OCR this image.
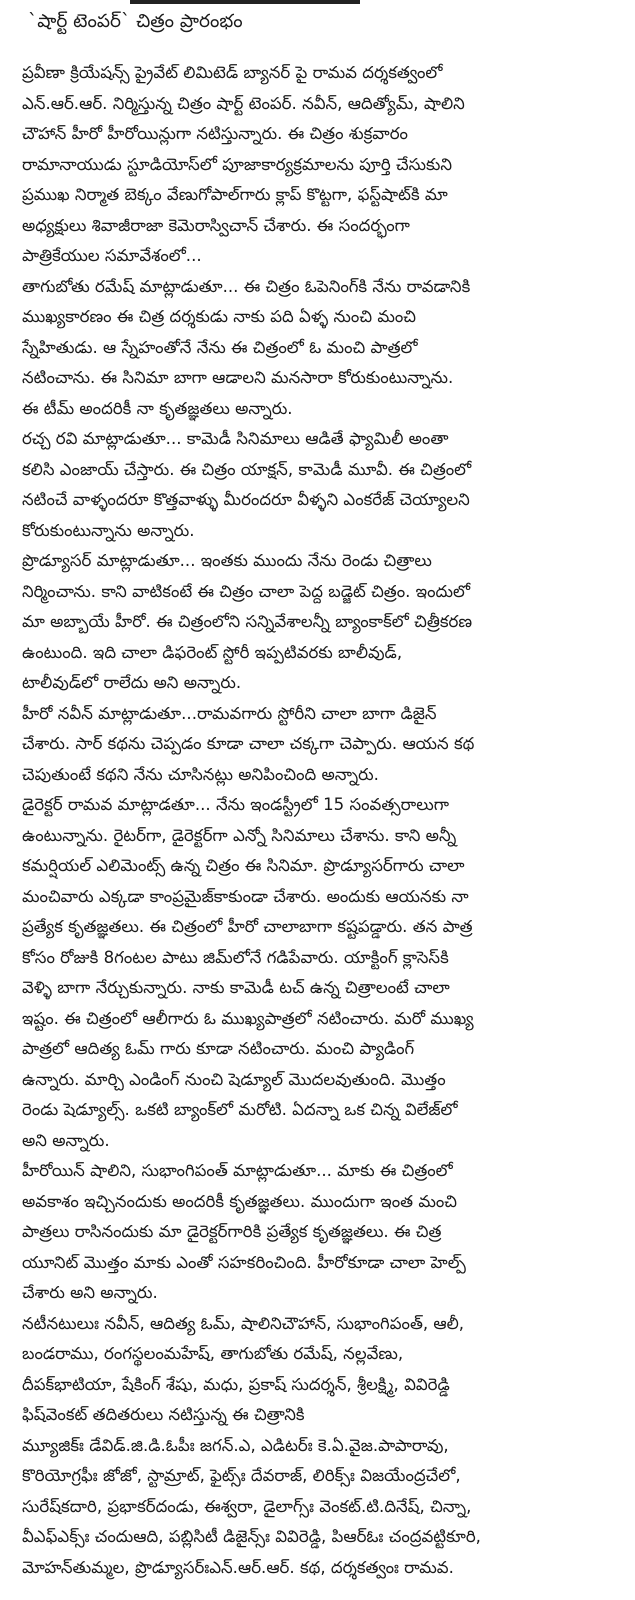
`షార్ట్ టెంపర్` చిత్రం ప్రారంభం
ప్రవీణా క్రియేషన్స్ ప్రైవేట్ లిమిటెడ్ బ్యానర్ పై రామవ దర్శకత్వంలో
ఎన్.ఆర్.ఆర్. నిర్మిస్తున్న చిత్రం షార్ట్ టెంపర్. నవీన్, ఆదిత్యోమ్, షాలిని
చౌహాన్ హీరో హీరోయిన్లుగా నటిస్తున్నారు. ఈ చిత్రం శుక్రవారం
రామానాయుడు స్టూడియోస్‌లో పూజాకార్యక్రమాలను పూర్తి చేసుకుని
ప్రముఖ నిర్మాత బెక్కం వేణుగోపాల్‌గారు క్లాప్ కొట్టగా, ఫస్ట్‌షాట్‌కి మా
అధ్యక్షులు శివాజీరాజా కెమెరాస్విచాన్ చేశారు. ఈ సందర్భంగా
పాత్రికేయుల సమావేశంలో...
తాగుబోతు రమేష్ మాట్లాడుతూ... ఈ చిత్రం ఓపెనింగ్‌కి నేను రావడానికి
ముఖ్యకారణం ఈ చిత్ర దర్శకుడు నాకు పది ఏళ్ళ నుంచి మంచి
స్నేహితుడు. ఆ స్నేహంతోనే నేను ఈ చిత్రంలో ఓ మంచి పాత్రలో
నటించాను. ఈ సినిమా బాగా ఆడాలని మనసారా కోరుకుంటున్నాను.
ఈ టీమ్ అందరికీ నా కృతజ్ఞతలు అన్నారు.
రచ్చ రవి మాట్లాడుతూ... కామెడీ సినిమాలు ఆడితే ఫ్యామిలీ అంతా
కలిసి ఎంజాయ్ చేస్తారు. ఈ చిత్రం యాక్షన్, కామెడీ మూవీ. ఈ చిత్రంలో
నటించే వాళ్ళందరూ కొత్తవాళ్ళు మీరందరూ వీళ్ళని ఎంకరేజ్ చెయ్యాలని
కోరుకుంటున్నాను అన్నారు.
ప్రొడ్యూసర్ మాట్లాడుతూ... ఇంతకు ముందు నేను రెండు చిత్రాలు
నిర్మించాను. కాని వాటికంటే ఈ చిత్రం చాలా పెద్ద బడ్జెట్ చిత్రం. ఇందులో
మా అబ్బాయే హీరో. ఈ చిత్రంలోని సన్నివేశాలన్నీ బ్యాంకాక్‌లో చిత్రీకరణ
ఉంటుంది. ఇది చాలా డిఫరెంట్ స్టోరీ ఇప్పటివరకు బాలీవుడ్,
టాలీవుడ్‌లో రాలేదు అని అన్నారు.
హీరో నవీన్ మాట్లాడుతూ...రామవగారు స్టోరీని చాలా బాగా డిజైన్
చేశారు. సార్ కథను చెప్పడం కూడా చాలా చక్కగా చెప్పారు. ఆయన కథ
చెపుతుంటే కథని నేను చూసినట్లు అనిపించింది అన్నారు.
డైరెక్టర్ రామవ మాట్లాడతూ... నేను ఇండస్ట్రీలో 15 సంవత్సరాలుగా
ఉంటున్నాను. రైటర్‌గా, డైరెక్టర్‌గా ఎన్నో సినిమాలు చేశాను. కాని అన్నీ
కమర్షియల్ ఎలిమెంట్స్ ఉన్న చిత్రం ఈ సినిమా. ప్రొడ్యూసర్‌గారు చాలా
మంచివారు ఎక్కడా కాంప్రమైజ్‌కాకుండా చేశారు. అందుకు ఆయనకు నా
ప్రత్యేక కృతజ్ఞతలు. ఈ చిత్రంలో హీరో చాలాబాగా కష్టపడ్డారు. తన పాత్ర
కోసం రోజుకి 8గంటల పాటు జిమ్‌లోనే గడిపేవారు. యాక్టింగ్ క్లాసెస్‌కి
వెళ్ళి బాగా నేర్చుకున్నారు. నాకు కామెడీ టచ్ ఉన్న చిత్రాలంటే చాలా
ఇష్టం. ఈ చిత్రంలో ఆలీగారు ఓ ముఖ్యపాత్రలో నటించారు. మరో ముఖ్య
పాత్రలో ఆదిత్య ఓమ్ గారు కూడా నటించారు. మంచి ప్యాడింగ్
ఉన్నారు. మార్చి ఎండింగ్ నుంచి షెడ్యూల్ మొదలవుతుంది. మొత్తం
రెండు షెడ్యూల్స్. ఒకటి బ్యాంక్‌లో మరోటి. ఏదన్నా ఒక చిన్న విలేజ్‌లో
అని అన్నారు.
హీరోయిన్ షాలిని, సుభాంగిపంత్ మాట్లాడుతూ... మాకు ఈ చిత్రంలో
అవకాశం ఇచ్చినందుకు అందరికీ కృతజ్ఞతలు. ముందుగా ఇంత మంచి
పాత్రలు రాసినందుకు మా డైరెక్టర్‌గారికి ప్రత్యేక కృతజ్ఞతలు. ఈ చిత్ర
యూనిట్ మొత్తం మాకు ఎంతో సహకరించింది. హీరోకూడా చాలా హెల్ప్
చేశారు అని అన్నారు.
నటీనటులుః నవీన్, ఆదిత్య ఓమ్, షాలినిచౌహాన్, సుభాంగిపంత్, ఆలీ,
బండరాము, రంగస్థలంమహేష్, తాగుబోతు రమేష్, నల్లవేణు,
దీపక్‌భాటియా, షేకింగ్ శేషు, మధు, ప్రకాష్ సుదర్శన్, శ్రీలక్ష్మి, వివిరెడ్డి
ఫిష్‌వెంకట్ తదితరులు నటిస్తున్న ఈ చిత్రానికి
మ్యూజిక్ః డేవిడ్.జి.డి.ఓపీః జగన్.ఎ, ఎడిటర్ః కె.ఏ.వైజ.పాపారావు,
కొరియోగ్రఫీః జోజో, స్టామ్రాట్, ఫైట్స్ః దేవరాజ్, లిరిక్స్ః విజయేంద్రచేలో,
సురేష్‌కదారి, ప్రభాకర్‌దండు, ఈశ్వరా, డైలాగ్స్ః వెంకట్.టి.దినేష్, చిన్నా,
వీఎఫ్ఎక్స్ః చందుఆది, పబ్లిసిటీ డిజైన్స్ః వివిరెడ్డి, పిఆర్ఓః చంద్రవట్టికూరి,
మోహన్‌తుమ్మల, ప్రొడ్యూసర్ఃఎన్.ఆర్.ఆర్. కథ, దర్శకత్వంః రామవ.
